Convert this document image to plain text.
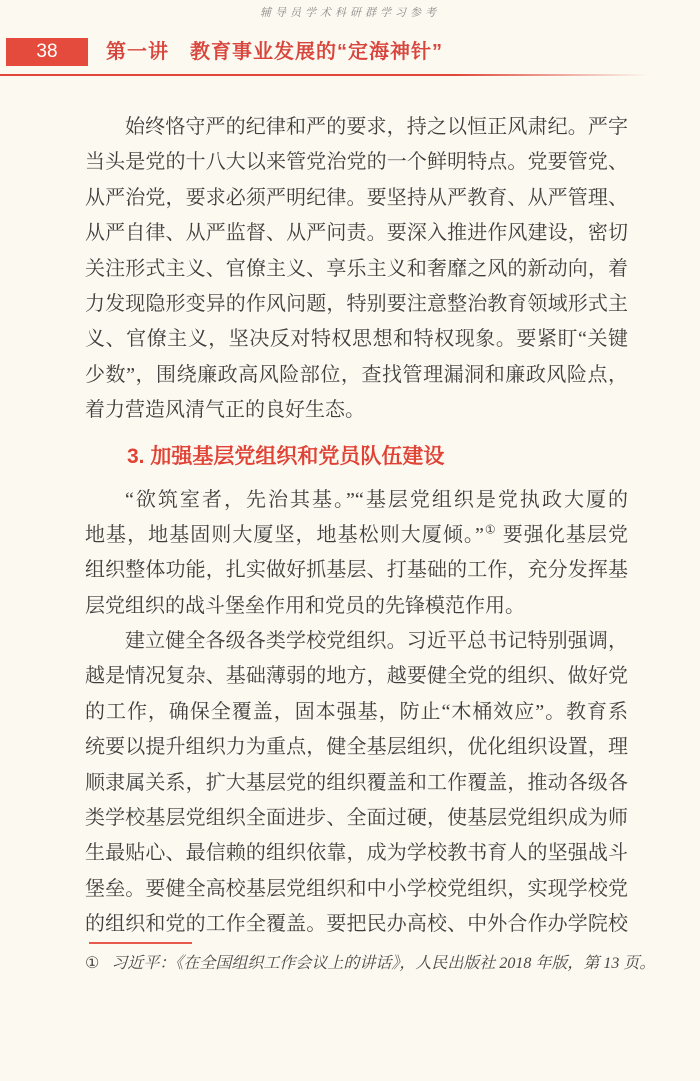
辅导员学术科研群学习参考
38	第一讲　教育事业发展的“定海神针”
始终恪守严的纪律和严的要求，持之以恒正风肃纪。严字
当头是党的十八大以来管党治党的一个鲜明特点。党要管党、
从严治党，要求必须严明纪律。要坚持从严教育、从严管理、
从严自律、从严监督、从严问责。要深入推进作风建设，密切
关注形式主义、官僚主义、享乐主义和奢靡之风的新动向，着
力发现隐形变异的作风问题，特别要注意整治教育领域形式主
义、官僚主义，坚决反对特权思想和特权现象。要紧盯“关键
少数”，围绕廉政高风险部位，查找管理漏洞和廉政风险点，
着力营造风清气正的良好生态。
3. 加强基层党组织和党员队伍建设
“欲筑室者，先治其基。”“基层党组织是党执政大厦的
地基，地基固则大厦坚，地基松则大厦倾。”① 要强化基层党
组织整体功能，扎实做好抓基层、打基础的工作，充分发挥基
层党组织的战斗堡垒作用和党员的先锋模范作用。
建立健全各级各类学校党组织。习近平总书记特别强调，
越是情况复杂、基础薄弱的地方，越要健全党的组织、做好党
的工作，确保全覆盖，固本强基，防止“木桶效应”。教育系
统要以提升组织力为重点，健全基层组织，优化组织设置，理
顺隶属关系，扩大基层党的组织覆盖和工作覆盖，推动各级各
类学校基层党组织全面进步、全面过硬，使基层党组织成为师
生最贴心、最信赖的组织依靠，成为学校教书育人的坚强战斗
堡垒。要健全高校基层党组织和中小学校党组织，实现学校党
的组织和党的工作全覆盖。要把民办高校、中外合作办学院校
① 习近平：《在全国组织工作会议上的讲话》，人民出版社 2018 年版，第 13 页。
